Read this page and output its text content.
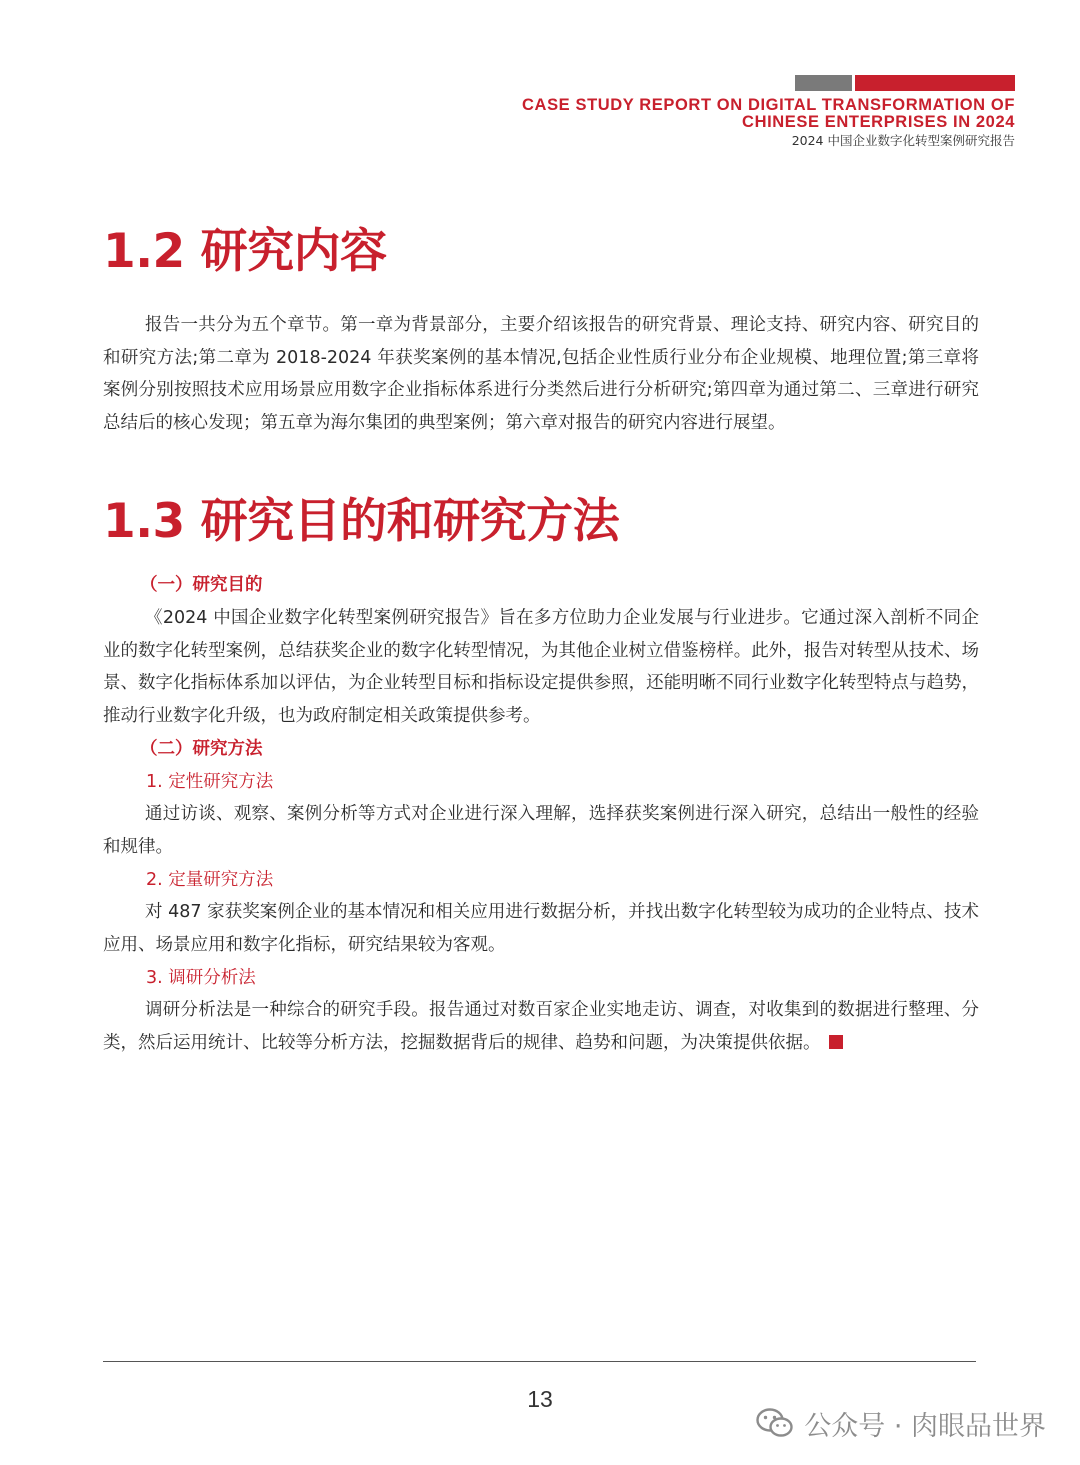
CASE STUDY REPORT ON DIGITAL TRANSFORMATION OF
CHINESE ENTERPRISES IN 2024
2024 中国企业数字化转型案例研究报告
1.2 研究内容

报告一共分为五个章节。第一章为背景部分，主要介绍该报告的研究背景、理论支持、研究内容、研究目的和研究方法;第二章为 2018-2024 年获奖案例的基本情况,包括企业性质行业分布企业规模、地理位置;第三章将案例分别按照技术应用场景应用数字企业指标体系进行分类然后进行分析研究;第四章为通过第二、三章进行研究总结后的核心发现；第五章为海尔集团的典型案例；第六章对报告的研究内容进行展望。

1.3 研究目的和研究方法
（一）研究目的

《2024 中国企业数字化转型案例研究报告》旨在多方位助力企业发展与行业进步。它通过深入剖析不同企业的数字化转型案例，总结获奖企业的数字化转型情况，为其他企业树立借鉴榜样。此外，报告对转型从技术、场景、数字化指标体系加以评估，为企业转型目标和指标设定提供参照，还能明晰不同行业数字化转型特点与趋势，推动行业数字化升级，也为政府制定相关政策提供参考。

（二）研究方法
1. 定性研究方法

通过访谈、观察、案例分析等方式对企业进行深入理解，选择获奖案例进行深入研究，总结出一般性的经验和规律。

2. 定量研究方法

对 487 家获奖案例企业的基本情况和相关应用进行数据分析，并找出数字化转型较为成功的企业特点、技术应用、场景应用和数字化指标，研究结果较为客观。

3. 调研分析法

调研分析法是一种综合的研究手段。报告通过对数百家企业实地走访、调查，对收集到的数据进行整理、分类，然后运用统计、比较等分析方法，挖掘数据背后的规律、趋势和问题，为决策提供依据。

13
公众号 · 肉眼品世界
